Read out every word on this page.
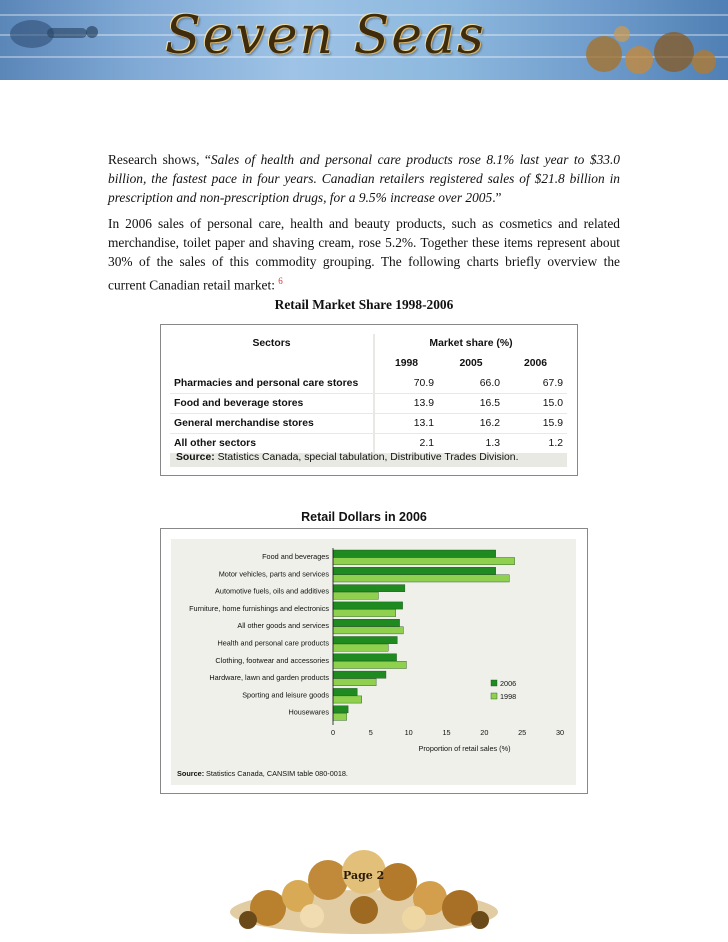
Seven Seas
Research shows, “Sales of health and personal care products rose 8.1% last year to $33.0 billion, the fastest pace in four years. Canadian retailers registered sales of $21.8 billion in prescription and non-prescription drugs, for a 9.5% increase over 2005.”
In 2006 sales of personal care, health and beauty products, such as cosmetics and related merchandise, toilet paper and shaving cream, rose 5.2%. Together these items represent about 30% of the sales of this commodity grouping. The following charts briefly overview the current Canadian retail market: $^6$
Retail Market Share 1998-2006
Sectors	Market share (%)		
	1998	2005	2006
Pharmacies and personal care stores	70.9	66.0	67.9
Food and beverage stores	13.9	16.5	15.0
General merchandise stores	13.1	16.2	15.9
All other sectors	2.1	1.3	1.2
Source: Statistics Canada, special tabulation, Distributive Trades Division.
Retail Dollars in 2006
Food and beverages
Motor vehicles, parts and services
Automotive fuels, oils and additives
Furniture, home furnishings and electronics
All other goods and services
Health and personal care products
Clothing, footwear and accessories
Hardware, lawn and garden products
Sporting and leisure goods
Housewares
0	5	10	15	20	25	30
Proportion of retail sales (%)
2006
1998
Source: Statistics Canada, CANSIM table 080-0018.
Page 2
